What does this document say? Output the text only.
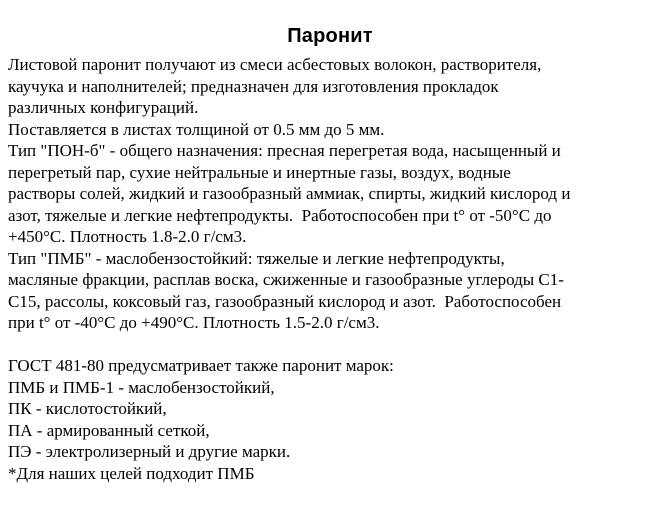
Паронит
Листовой паронит получают из смеси асбестовых волокон, растворителя,
каучука и наполнителей; предназначен для изготовления прокладок
различных конфигураций.
Поставляется в листах толщиной от 0.5 мм до 5 мм.
Тип "ПОН-б" - общего назначения: пресная перегретая вода, насыщенный и
перегретый пар, сухие нейтральные и инертные газы, воздух, водные
растворы солей, жидкий и газообразный аммиак, спирты, жидкий кислород и
азот, тяжелые и легкие нефтепродукты.  Работоспособен при t° от -50°C до
+450°C. Плотность 1.8-2.0 г/см3.
Тип "ПМБ" - маслобензостойкий: тяжелые и легкие нефтепродукты,
масляные фракции, расплав воска, сжиженные и газообразные углероды C1-
C15, рассолы, коксовый газ, газообразный кислород и азот.  Работоспособен
при t° от -40°C до +490°C. Плотность 1.5-2.0 г/см3.
ГОСТ 481-80 предусматривает также паронит марок:
ПМБ и ПМБ-1 - маслобензостойкий,
ПК - кислотостойкий,
ПА - армированный сеткой,
ПЭ - электролизерный и другие марки.
*Для наших целей подходит ПМБ
